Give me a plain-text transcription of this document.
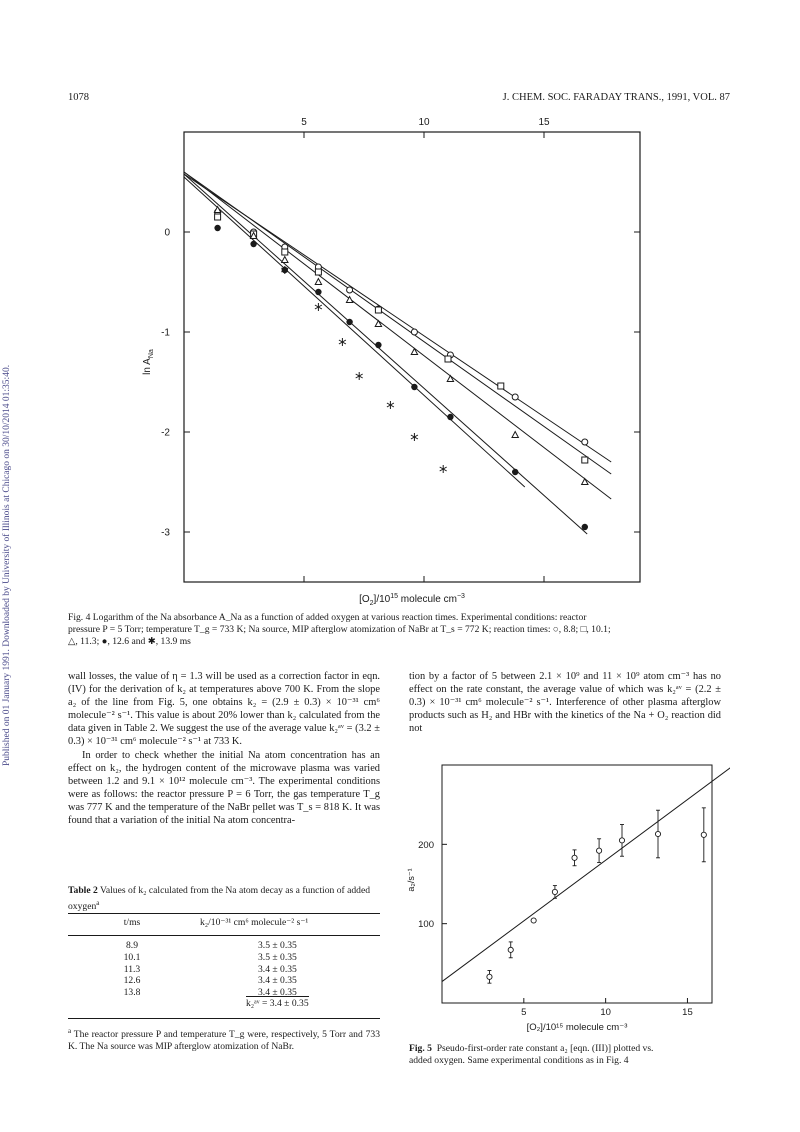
Published on 01 January 1991. Downloaded by University of Illinois at Chicago on 30/10/2014 01:35:40.
1078	J. CHEM. SOC. FARADAY TRANS., 1991, VOL. 87
5	10	15
0
-1
-2
-3
$\ln A_{Na}$
$[O_2]/10^{15}$ molecule $cm^{-3}$
Fig. 4 Logarithm of the Na absorbance A_Na as a function of added oxygen at various reaction times. Experimental conditions: reactor
pressure P = 5 Torr; temperature T_g = 733 K; Na source, MIP afterglow atomization of NaBr at T_s = 772 K; reaction times: ○, 8.8; □, 10.1;
△, 11.3; ●, 12.6 and ✱, 13.9 ms

wall losses, the value of η = 1.3 will be used as a correction factor in eqn. (IV) for the derivation of k₂ at temperatures above 700 K. From the slope a₂ of the line from Fig. 5, one obtains k₂ = (2.9 ± 0.3) × 10⁻³¹ cm⁶ molecule⁻² s⁻¹. This value is about 20% lower than k₂ calculated from the data given in Table 2. We suggest the use of the average value k₂ᵃᵛ = (3.2 ± 0.3) × 10⁻³¹ cm⁶ molecule⁻² s⁻¹ at 733 K.

In order to check whether the initial Na atom concentration has an effect on k₂, the hydrogen content of the microwave plasma was varied between 1.2 and 9.1 × 10¹² molecule cm⁻³. The experimental conditions were as follows: the reactor pressure P = 6 Torr, the gas temperature T_g was 777 K and the temperature of the NaBr pellet was T_s = 818 K. It was found that a variation of the initial Na atom concentra-

tion by a factor of 5 between 2.1 × 10⁹ and 11 × 10⁹ atom cm⁻³ has no effect on the rate constant, the average value of which was k₂ᵃᵛ = (2.2 ± 0.3) × 10⁻³¹ cm⁶ molecule⁻² s⁻¹. Interference of other plasma afterglow products such as H₂ and HBr with the kinetics of the Na + O₂ reaction did not

Table 2 Values of k₂ calculated from the Na atom decay as a function of added oxygen$^a$
t/ms	k₂/10⁻³¹ cm⁶ molecule⁻² s⁻¹

8.9	3.5 ± 0.35
10.1	3.5 ± 0.35
11.3	3.4 ± 0.35
12.6	3.4 ± 0.35
13.8	3.4 ± 0.35
	k₂ᵃᵛ = 3.4 ± 0.35
$^a$ The reactor pressure P and temperature T_g were, respectively, 5 Torr and 733 K. The Na source was MIP afterglow atomization of NaBr.
5	10	15
100
200
a₂/s⁻¹
[O₂]/10¹⁵ molecule cm⁻³
Fig. 5 Pseudo-first-order rate constant a₂ [eqn. (III)] plotted vs.
added oxygen. Same experimental conditions as in Fig. 4
